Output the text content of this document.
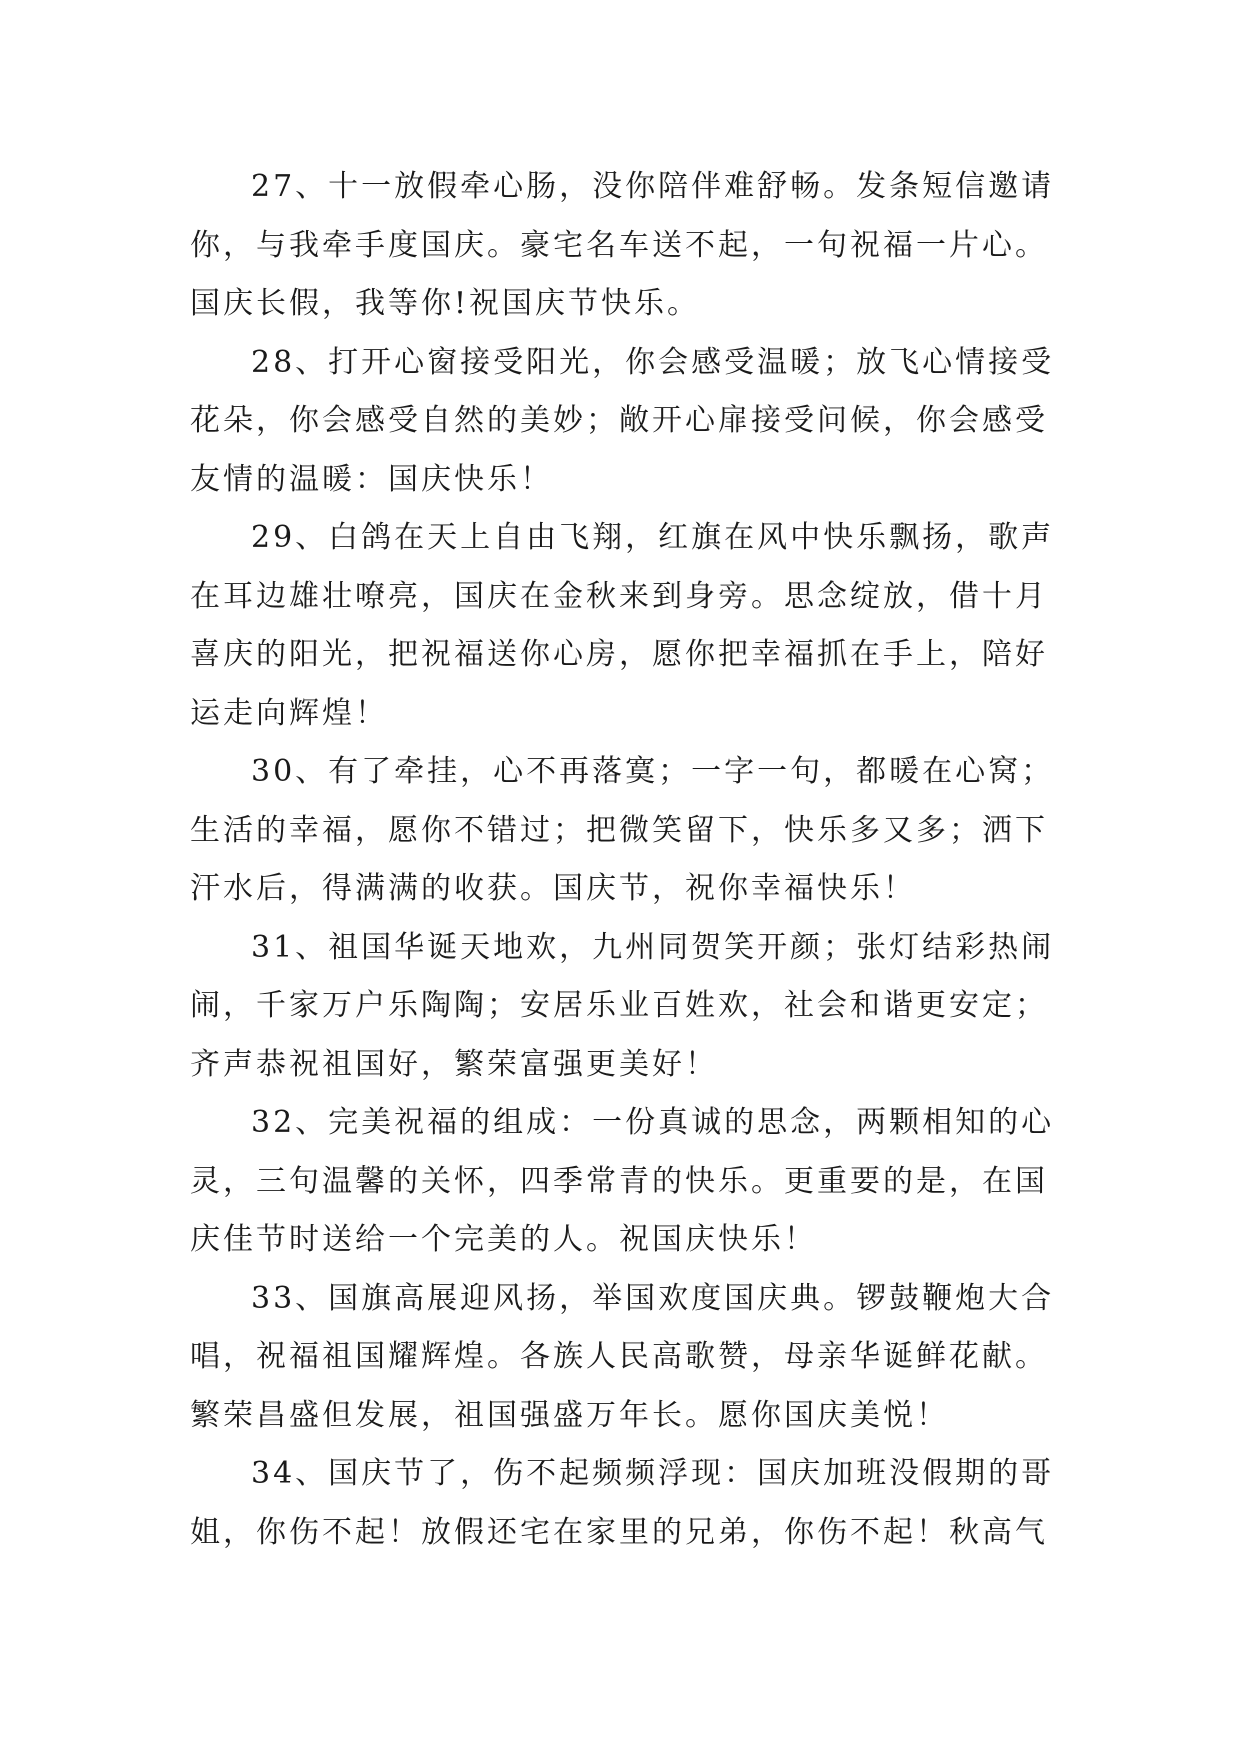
27、十一放假牵心肠，没你陪伴难舒畅。发条短信邀请
你，与我牵手度国庆。豪宅名车送不起，一句祝福一片心。
国庆长假，我等你!祝国庆节快乐。
28、打开心窗接受阳光，你会感受温暖；放飞心情接受
花朵，你会感受自然的美妙；敞开心扉接受问候，你会感受
友情的温暖：国庆快乐！
29、白鸽在天上自由飞翔，红旗在风中快乐飘扬，歌声
在耳边雄壮嘹亮，国庆在金秋来到身旁。思念绽放，借十月
喜庆的阳光，把祝福送你心房，愿你把幸福抓在手上，陪好
运走向辉煌！
30、有了牵挂，心不再落寞；一字一句，都暖在心窝；
生活的幸福，愿你不错过；把微笑留下，快乐多又多；洒下
汗水后，得满满的收获。国庆节，祝你幸福快乐！
31、祖国华诞天地欢，九州同贺笑开颜；张灯结彩热闹
闹，千家万户乐陶陶；安居乐业百姓欢，社会和谐更安定；
齐声恭祝祖国好，繁荣富强更美好！
32、完美祝福的组成：一份真诚的思念，两颗相知的心
灵，三句温馨的关怀，四季常青的快乐。更重要的是，在国
庆佳节时送给一个完美的人。祝国庆快乐！
33、国旗高展迎风扬，举国欢度国庆典。锣鼓鞭炮大合
唱，祝福祖国耀辉煌。各族人民高歌赞，母亲华诞鲜花献。
繁荣昌盛但发展，祖国强盛万年长。愿你国庆美悦！
34、国庆节了，伤不起频频浮现：国庆加班没假期的哥
姐，你伤不起！放假还宅在家里的兄弟，你伤不起！秋高气
